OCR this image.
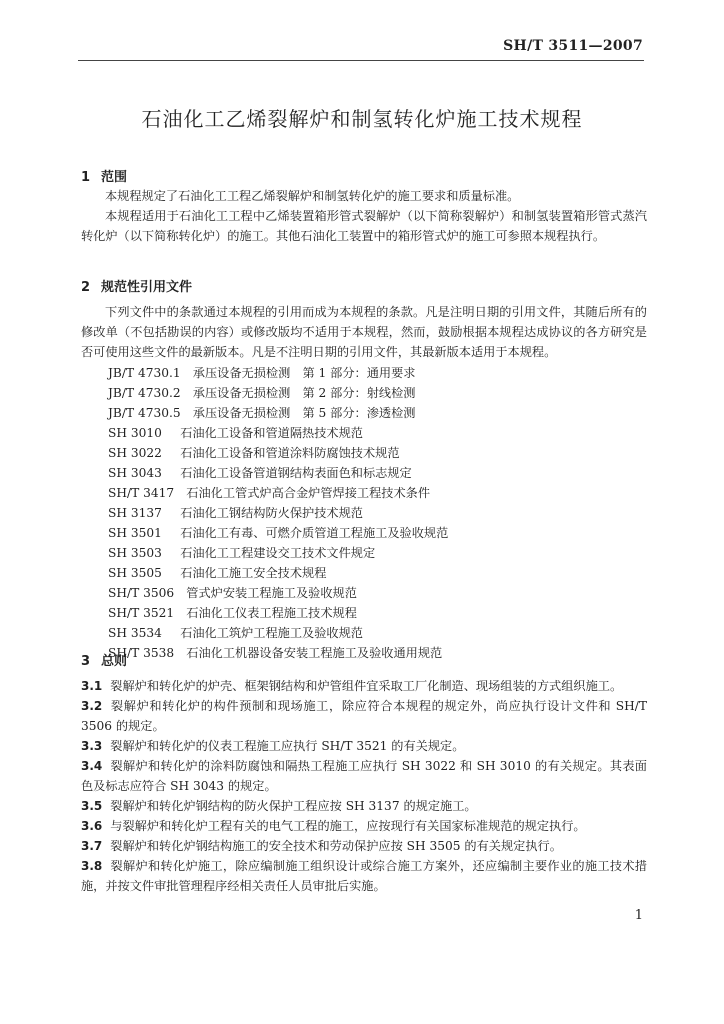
SH/T 3511—2007
石油化工乙烯裂解炉和制氢转化炉施工技术规程
1 范围
本规程规定了石油化工工程乙烯裂解炉和制氢转化炉的施工要求和质量标准。
本规程适用于石油化工工程中乙烯装置箱形管式裂解炉（以下简称裂解炉）和制氢装置箱形管式蒸汽转化炉（以下简称转化炉）的施工。其他石油化工装置中的箱形管式炉的施工可参照本规程执行。
2 规范性引用文件
下列文件中的条款通过本规程的引用而成为本规程的条款。凡是注明日期的引用文件，其随后所有的修改单（不包括勘误的内容）或修改版均不适用于本规程，然而，鼓励根据本规程达成协议的各方研究是否可使用这些文件的最新版本。凡是不注明日期的引用文件，其最新版本适用于本规程。
JB/T 4730.1　 承压设备无损检测　第 1 部分：通用要求
JB/T 4730.2　 承压设备无损检测　第 2 部分：射线检测
JB/T 4730.5　 承压设备无损检测　第 5 部分：渗透检测
SH 3010　 石油化工设备和管道隔热技术规范
SH 3022　 石油化工设备和管道涂料防腐蚀技术规范
SH 3043　 石油化工设备管道钢结构表面色和标志规定
SH/T 3417　 石油化工管式炉高合金炉管焊接工程技术条件
SH 3137　 石油化工钢结构防火保护技术规范
SH 3501　 石油化工有毒、可燃介质管道工程施工及验收规范
SH 3503　 石油化工工程建设交工技术文件规定
SH 3505　 石油化工施工安全技术规程
SH/T 3506　 管式炉安装工程施工及验收规范
SH/T 3521　 石油化工仪表工程施工技术规程
SH 3534　 石油化工筑炉工程施工及验收规范
SH/T 3538　 石油化工机器设备安装工程施工及验收通用规范
3 总则
3.1 裂解炉和转化炉的炉壳、框架钢结构和炉管组件宜采取工厂化制造、现场组装的方式组织施工。
3.2 裂解炉和转化炉的构件预制和现场施工，除应符合本规程的规定外，尚应执行设计文件和 SH/T 3506 的规定。
3.3 裂解炉和转化炉的仪表工程施工应执行 SH/T 3521 的有关规定。
3.4 裂解炉和转化炉的涂料防腐蚀和隔热工程施工应执行 SH 3022 和 SH 3010 的有关规定。其表面色及标志应符合 SH 3043 的规定。
3.5 裂解炉和转化炉钢结构的防火保护工程应按 SH 3137 的规定施工。
3.6 与裂解炉和转化炉工程有关的电气工程的施工，应按现行有关国家标准规范的规定执行。
3.7 裂解炉和转化炉钢结构施工的安全技术和劳动保护应按 SH 3505 的有关规定执行。
3.8 裂解炉和转化炉施工，除应编制施工组织设计或综合施工方案外，还应编制主要作业的施工技术措施，并按文件审批管理程序经相关责任人员审批后实施。
1
